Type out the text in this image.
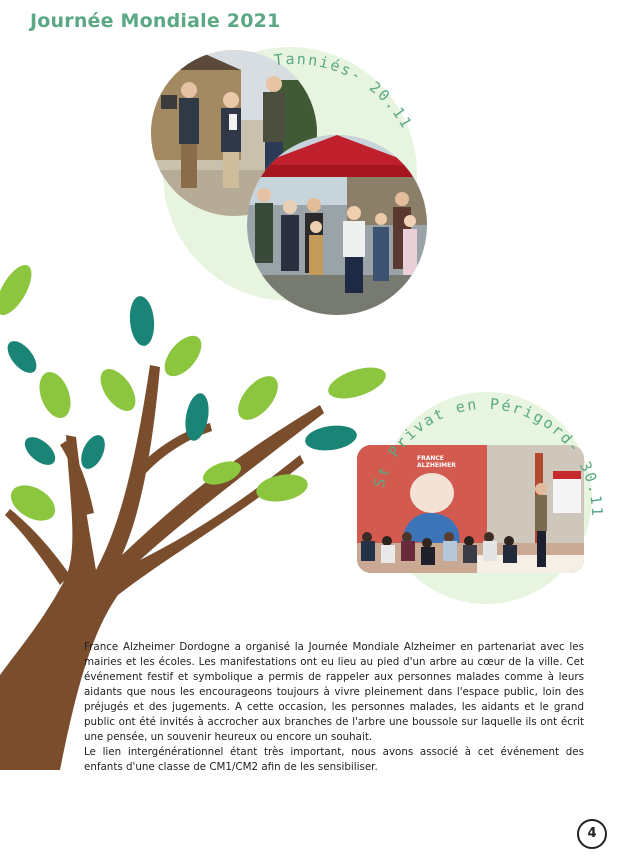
Journée Mondiale 2021
FRANCE
ALZHEIMER
Tanniés- 20.11
St Privat en Périgord- 30.11

France Alzheimer Dordogne a organisé la Journée Mondiale Alzheimer en partenariat avec les mairies et les écoles. Les manifestations ont eu lieu au pied d'un arbre au cœur de la ville. Cet événement festif et symbolique a permis de rappeler aux personnes malades comme à leurs aidants que nous les encourageons toujours à vivre pleinement dans l'espace public, loin des préjugés et des jugements. A cette occasion, les personnes malades, les aidants et le grand public ont été invités à accrocher aux branches de l'arbre une boussole sur laquelle ils ont écrit une pensée, un souvenir heureux ou encore un souhait.

Le lien intergénérationnel étant très important, nous avons associé à cet événement des enfants d'une classe de CM1/CM2 afin de les sensibiliser.

4
